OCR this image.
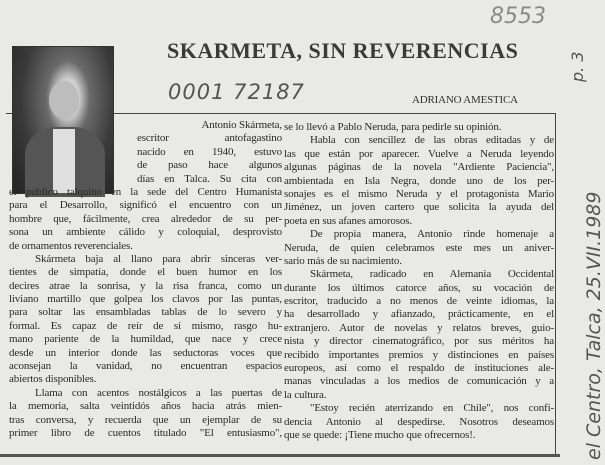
8553
SKARMETA, SIN REVERENCIAS
0001 72187	ADRIANO AMESTICA
Antonio Skármeta,
escritor antofagastino
nacido en 1940, estuvo
de paso hace algunos
días en Talca. Su cita con
el público talquino en la sede del Centro Humanista
para el Desarrollo, significó el encuentro con un
hombre que, fácilmente, crea alrededor de su per-
sona un ambiente cálido y coloquial, desprovisto
de ornamentos reverenciales.
Skármeta baja al llano para abrir sinceras ver-
tientes de simpatía, donde el buen humor en los
decires atrae la sonrisa, y la risa franca, como un
liviano martillo que golpea los clavos por las puntas,
para soltar las ensambladas tablas de lo severo y
formal. Es capaz de reír de sí mismo, rasgo hu-
mano pariente de la humildad, que nace y crece
desde un interior donde las seductoras voces que
aconsejan la vanidad, no encuentran espacios
abiertos disponibles.
Llama con acentos nostálgicos a las puertas de
la memoria, salta veintidós años hacia atrás mien-
tras conversa, y recuerda que un ejemplar de su
primer libro de cuentos titulado "El entusiasmo",
se lo llevó a Pablo Neruda, para pedirle su opinión.
Habla con sencillez de las obras editadas y de
las que están por aparecer. Vuelve a Neruda leyendo
algunas páginas de la novela "Ardiente Paciencia",
ambientada en Isla Negra, donde uno de los per-
sonajes es el mismo Neruda y el protagonista Mario
Jiménez, un joven cartero que solicita la ayuda del
poeta en sus afanes amorosos.
De propia manera, Antonio rinde homenaje a
Neruda, de quien celebramos este mes un aniver-
sario más de su nacimiento.
Skármeta, radicado en Alemania Occidental
durante los últimos catorce años, su vocación de
escritor, traducido a no menos de veinte idiomas, la
ha desarrollado y afianzado, prácticamente, en el
extranjero. Autor de novelas y relatos breves, guio-
nista y director cinematográfico, por sus méritos ha
recibido importantes premios y distinciones en países
europeos, así como el respaldo de instituciones ale-
manas vinculadas a los medios de comunicación y a
la cultura.
"Estoy recién aterrizando en Chile", nos confi-
dencia Antonio al despedirse. Nosotros deseamos
que se quede: ¡Tiene mucho que ofrecernos!.	el Centro, Talca, 25.VII.1989
p. 3
